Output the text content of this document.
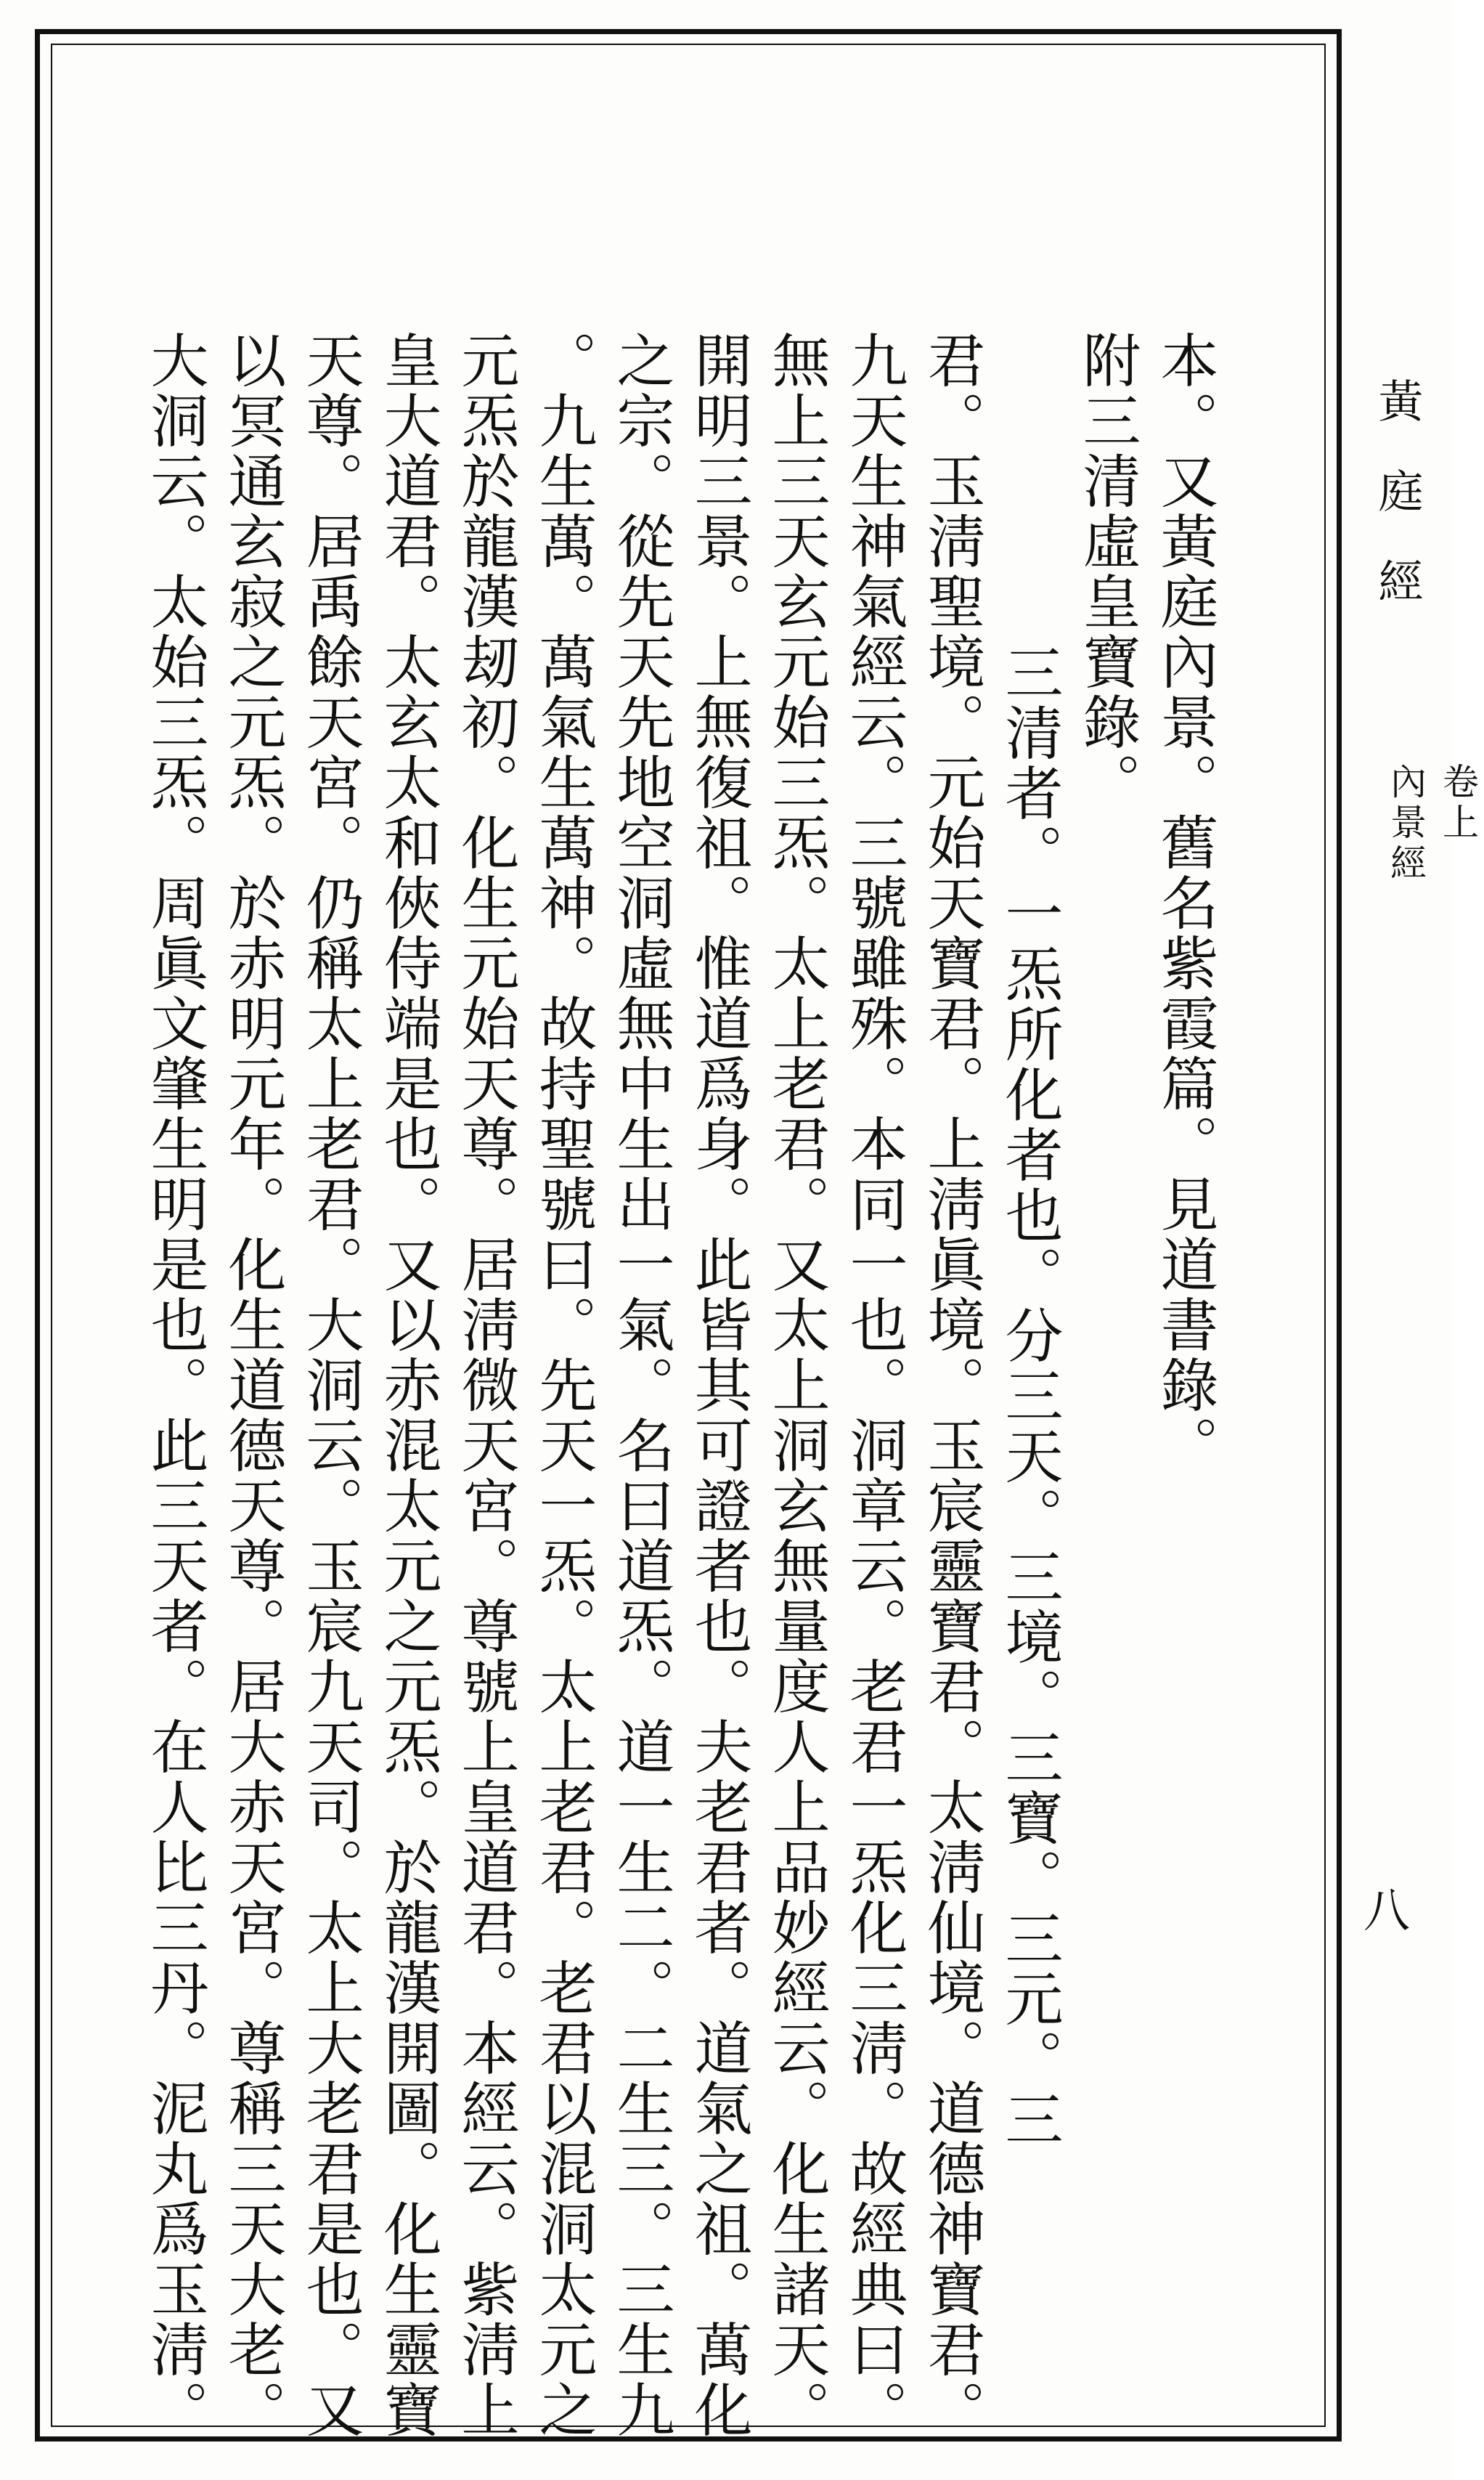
黃庭經
卷上
內景經
八
本。又黃庭內景。舊名紫霞篇。見道書錄。
附三清虛皇寶錄。
三清者。一炁所化者也。分三天。三境。三寶。三元。三
君。玉淸聖境。元始天寶君。上淸眞境。玉宸靈寶君。太淸仙境。道德神寶君。
九天生神氣經云。三號雖殊。本同一也。洞章云。老君一炁化三淸。故經典曰。
無上三天玄元始三炁。太上老君。又太上洞玄無量度人上品妙經云。化生諸天。
開明三景。上無復祖。惟道爲身。此皆其可證者也。夫老君者。道氣之祖。萬化
之宗。從先天先地空洞虛無中生出一氣。名曰道炁。道一生二。二生三。三生九
。九生萬。萬氣生萬神。故持聖號曰。先天一炁。太上老君。老君以混洞太元之
元炁於龍漢刼初。化生元始天尊。居淸微天宮。尊號上皇道君。本經云。紫淸上
皇大道君。太玄太和俠侍端是也。又以赤混太元之元炁。於龍漢開圖。化生靈寶
天尊。居禹餘天宮。仍稱太上老君。大洞云。玉宸九天司。太上大老君是也。又
以冥通玄寂之元炁。於赤明元年。化生道德天尊。居大赤天宮。尊稱三天大老。
大洞云。太始三炁。周眞文肇生明是也。此三天者。在人比三丹。泥丸爲玉淸。
